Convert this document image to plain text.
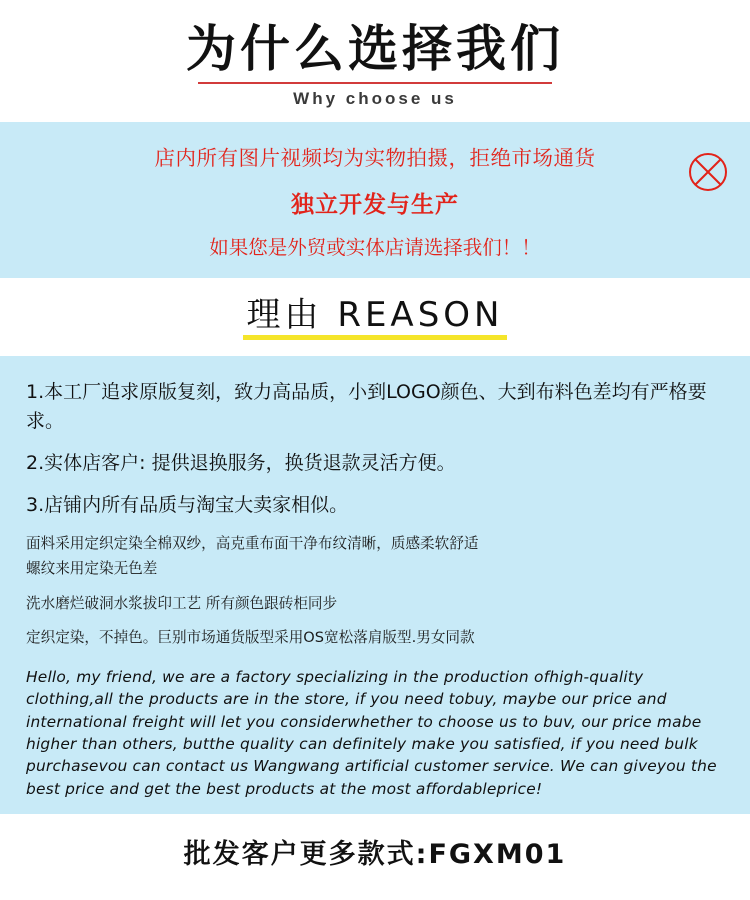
为什么选择我们
Why choose us
店内所有图片视频均为实物拍摄，拒绝市场通货
独立开发与生产
如果您是外贸或实体店请选择我们！！
理由 REASON
1.本工厂追求原版复刻，致力高品质，小到LOGO颜色、大到布料色差均有严格要求。
2.实体店客户: 提供退换服务，换货退款灵活方便。
3.店铺内所有品质与淘宝大卖家相似。
面料采用定织定染全棉双纱，高克重布面干净布纹清晰，质感柔软舒适
螺纹来用定染无色差
洗水磨烂破洞水浆拔印工艺 所有颜色跟砖柜同步
定织定染，不掉色。巨别市场通货版型采用OS宽松落肩版型.男女同款
Hello, my friend, we are a factory specializing in the production ofhigh-quality clothing,all the products are in the store, if you need tobuy, maybe our price and international freight will let you considerwhether to choose us to buv, our price mabe higher than others, butthe quality can definitely make you satisfied, if you need bulk purchasevou can contact us Wangwang artificial customer service. We can giveyou the best price and get the best products at the most affordableprice!
批发客户更多款式:FGXM01
